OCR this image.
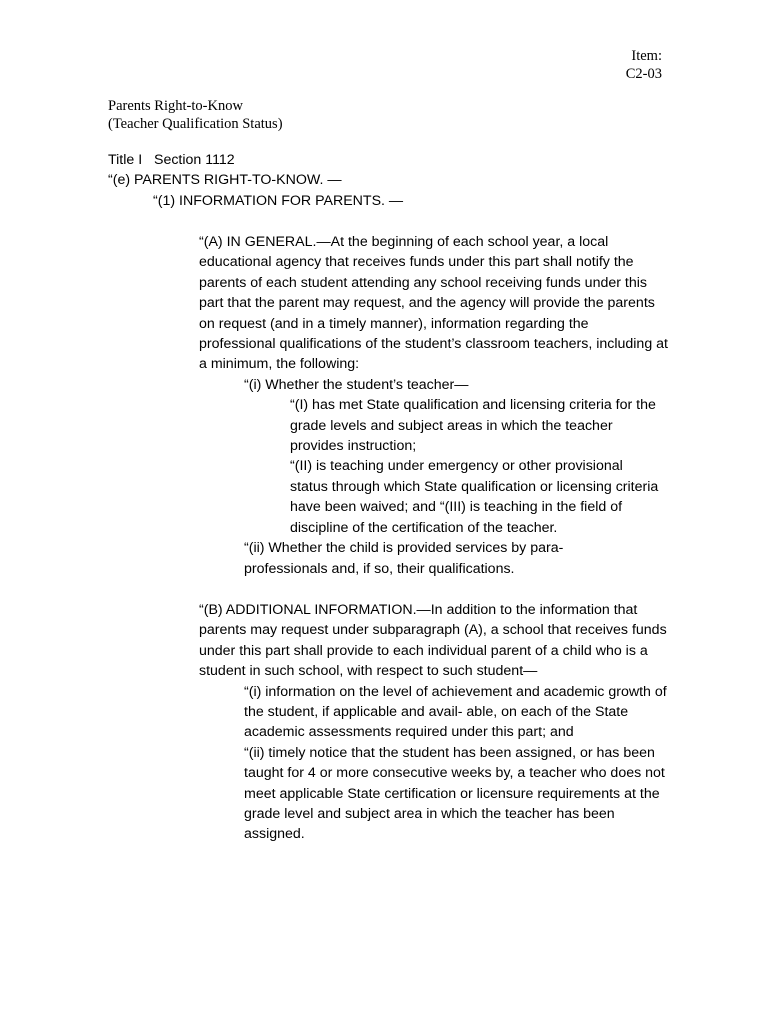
Item:
C2-03
Parents Right-to-Know
(Teacher Qualification Status)
Title I   Section 1112
“(e) PARENTS RIGHT-TO-KNOW. —
“(1) INFORMATION FOR PARENTS. —

“(A) IN GENERAL.—At the beginning of each school year, a local educational agency that receives funds under this part shall notify the parents of each student attending any school receiving funds under this part that the parent may request, and the agency will provide the parents on request (and in a timely manner), information regarding the professional qualifications of the student’s classroom teachers, including at a minimum, the following:

“(i) Whether the student’s teacher—

“(I) has met State qualification and licensing criteria for the grade levels and subject areas in which the teacher provides instruction;

“(II) is teaching under emergency or other provisional status through which State qualification or licensing criteria have been waived; and “(III) is teaching in the field of discipline of the certification of the teacher.

“(ii) Whether the child is provided services by para-professionals and, if so, their qualifications.

“(B) ADDITIONAL INFORMATION.—In addition to the information that parents may request under subparagraph (A), a school that receives funds under this part shall provide to each individual parent of a child who is a student in such school, with respect to such student—

“(i) information on the level of achievement and academic growth of the student, if applicable and avail- able, on each of the State academic assessments required under this part; and

“(ii) timely notice that the student has been assigned, or has been taught for 4 or more consecutive weeks by, a teacher who does not meet applicable State certification or licensure requirements at the grade level and subject area in which the teacher has been assigned.
